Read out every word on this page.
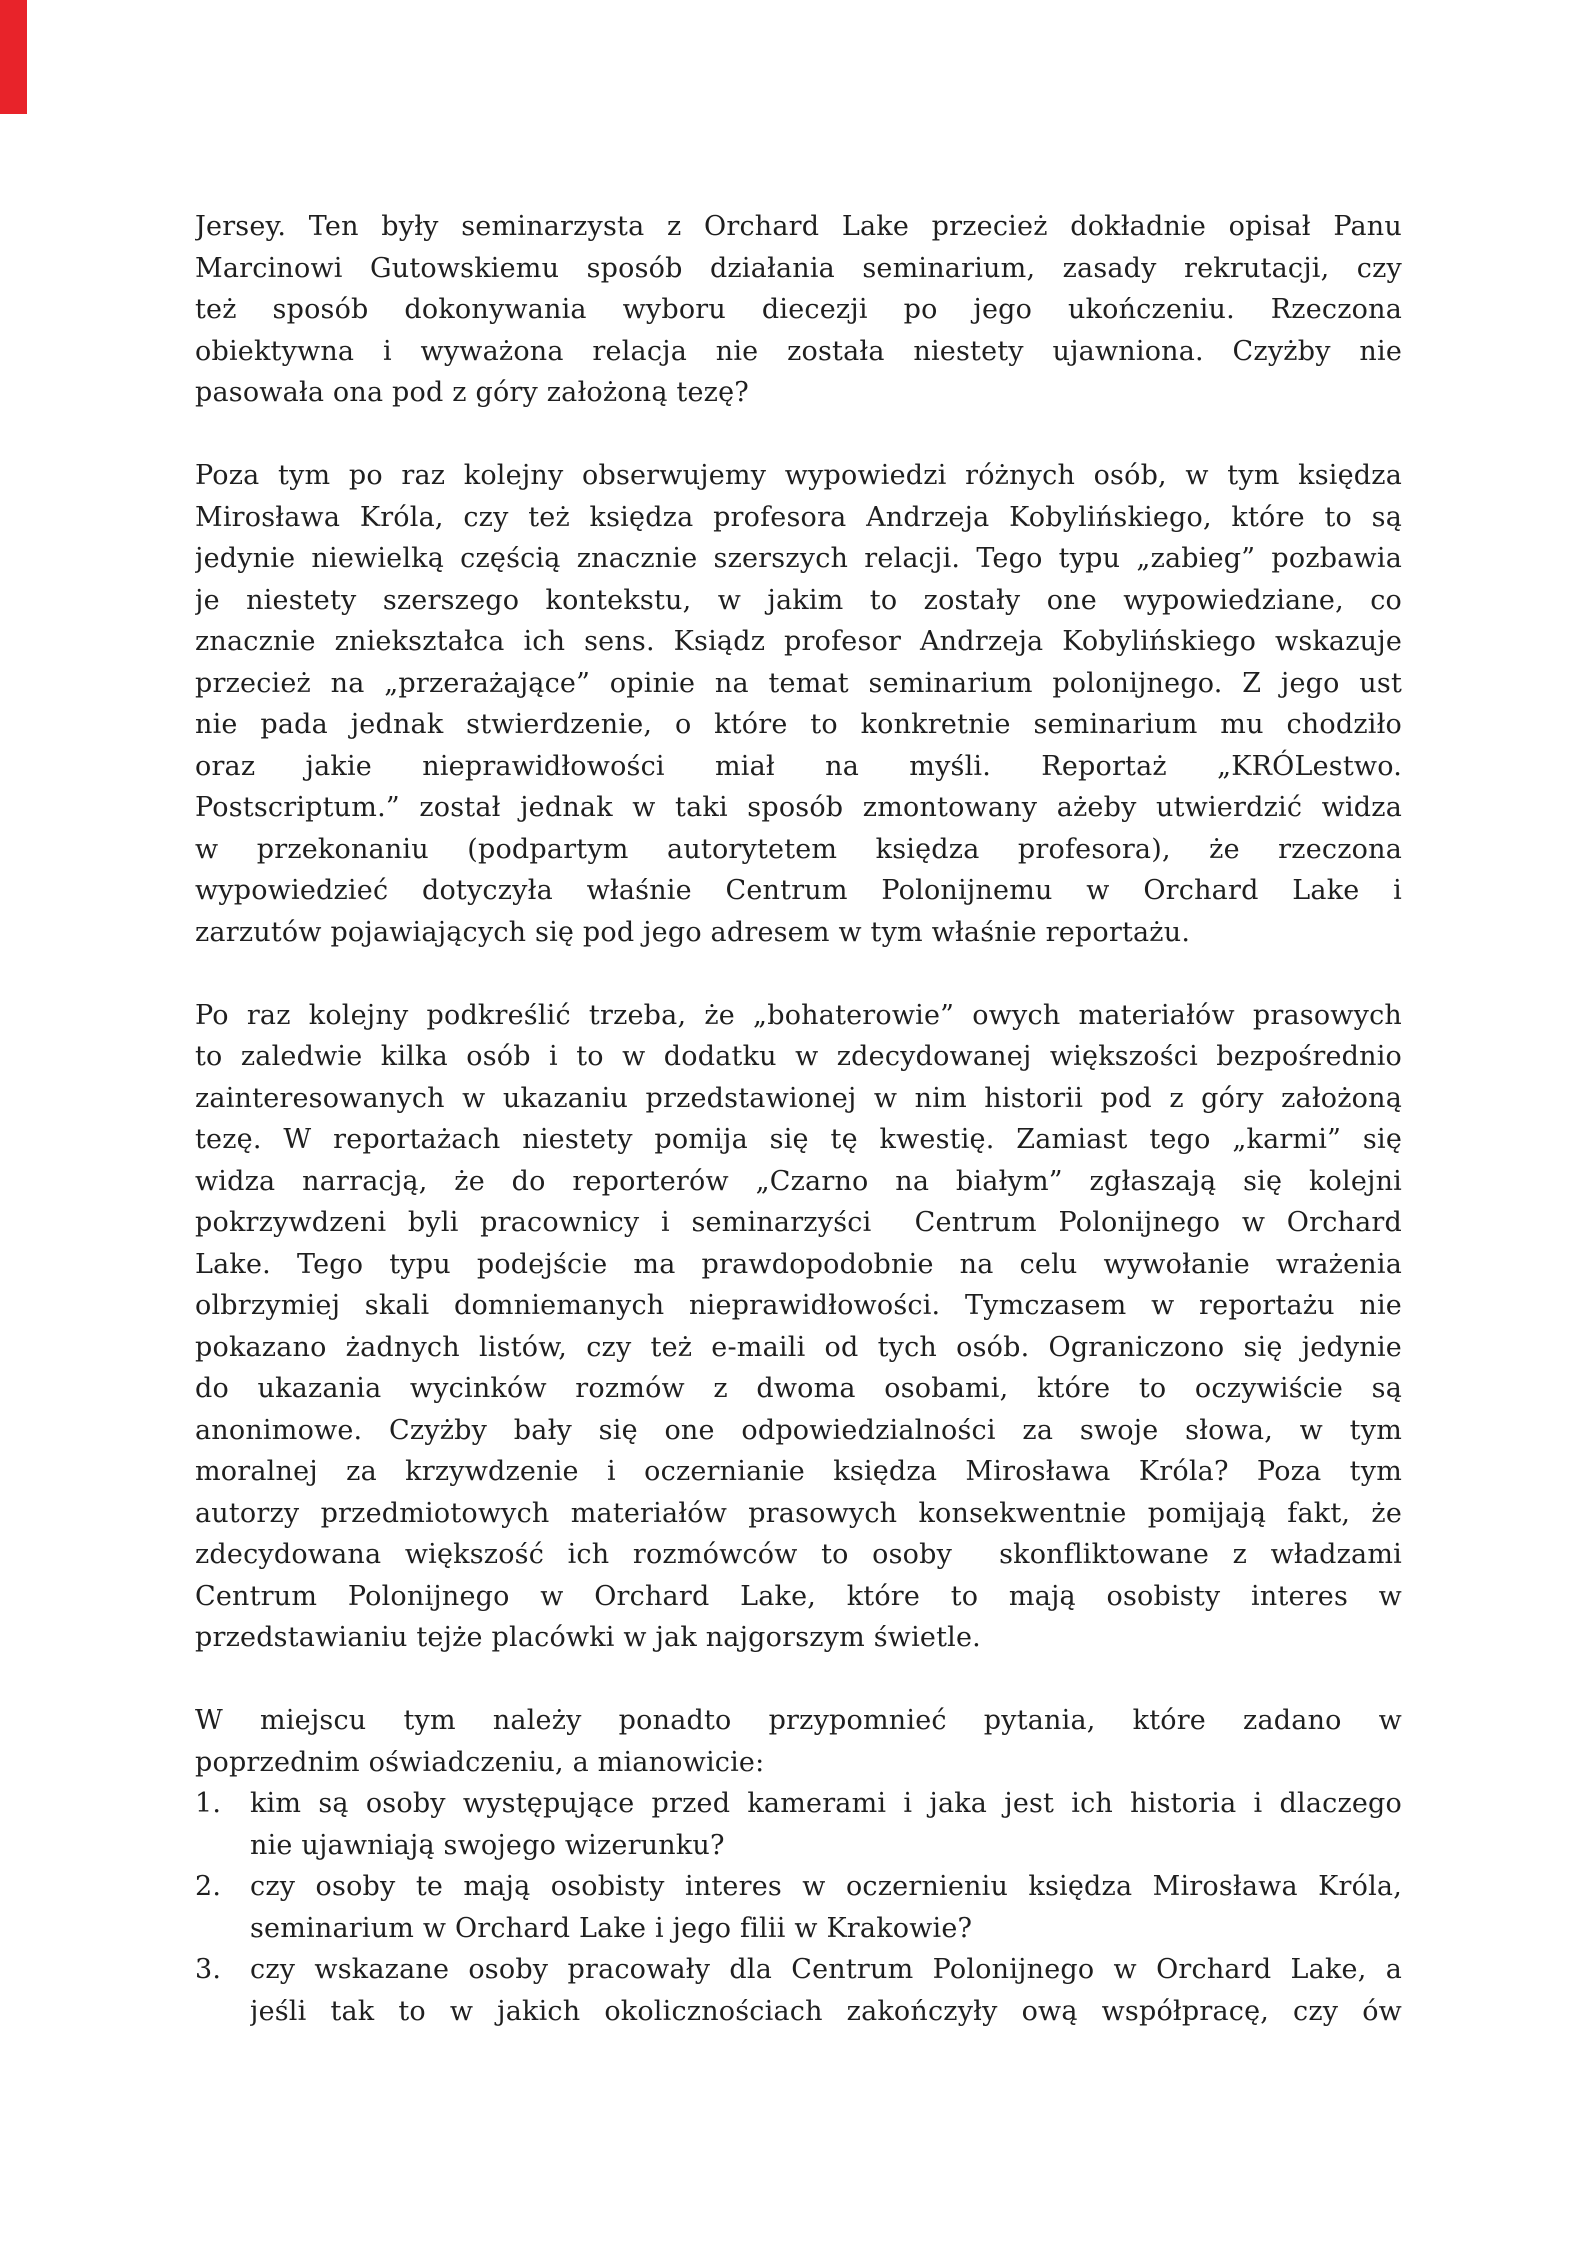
Jersey. Ten były seminarzysta z Orchard Lake przecież dokładnie opisał Panu
Marcinowi Gutowskiemu sposób działania seminarium, zasady rekrutacji, czy
też sposób dokonywania wyboru diecezji po jego ukończeniu. Rzeczona
obiektywna i wyważona relacja nie została niestety ujawniona. Czyżby nie
pasowała ona pod z góry założoną tezę?
Poza tym po raz kolejny obserwujemy wypowiedzi różnych osób, w tym księdza
Mirosława Króla, czy też księdza profesora Andrzeja Kobylińskiego, które to są
jedynie niewielką częścią znacznie szerszych relacji. Tego typu „zabieg” pozbawia
je niestety szerszego kontekstu, w jakim to zostały one wypowiedziane, co
znacznie zniekształca ich sens. Ksiądz profesor Andrzeja Kobylińskiego wskazuje
przecież na „przerażające” opinie na temat seminarium polonijnego. Z jego ust
nie pada jednak stwierdzenie, o które to konkretnie seminarium mu chodziło
oraz jakie nieprawidłowości miał na myśli. Reportaż „KRÓLestwo.
Postscriptum.” został jednak w taki sposób zmontowany ażeby utwierdzić widza
w przekonaniu (podpartym autorytetem księdza profesora), że rzeczona
wypowiedzieć dotyczyła właśnie Centrum Polonijnemu w Orchard Lake i
zarzutów pojawiających się pod jego adresem w tym właśnie reportażu.
Po raz kolejny podkreślić trzeba, że „bohaterowie” owych materiałów prasowych
to zaledwie kilka osób i to w dodatku w zdecydowanej większości bezpośrednio
zainteresowanych w ukazaniu przedstawionej w nim historii pod z góry założoną
tezę. W reportażach niestety pomija się tę kwestię. Zamiast tego „karmi” się
widza narracją, że do reporterów „Czarno na białym” zgłaszają się kolejni
pokrzywdzeni byli pracownicy i seminarzyści  Centrum Polonijnego w Orchard
Lake. Tego typu podejście ma prawdopodobnie na celu wywołanie wrażenia
olbrzymiej skali domniemanych nieprawidłowości. Tymczasem w reportażu nie
pokazano żadnych listów, czy też e-maili od tych osób. Ograniczono się jedynie
do ukazania wycinków rozmów z dwoma osobami, które to oczywiście są
anonimowe. Czyżby bały się one odpowiedzialności za swoje słowa, w tym
moralnej za krzywdzenie i oczernianie księdza Mirosława Króla? Poza tym
autorzy przedmiotowych materiałów prasowych konsekwentnie pomijają fakt, że
zdecydowana większość ich rozmówców to osoby  skonfliktowane z władzami
Centrum Polonijnego w Orchard Lake, które to mają osobisty interes w
przedstawianiu tejże placówki w jak najgorszym świetle.
W miejscu tym należy ponadto przypomnieć pytania, które zadano w
poprzednim oświadczeniu, a mianowicie:
1. kim są osoby występujące przed kamerami i jaka jest ich historia i dlaczego
nie ujawniają swojego wizerunku?
2. czy osoby te mają osobisty interes w oczernieniu księdza Mirosława Króla,
seminarium w Orchard Lake i jego filii w Krakowie?
3. czy wskazane osoby pracowały dla Centrum Polonijnego w Orchard Lake, a
jeśli tak to w jakich okolicznościach zakończyły ową współpracę, czy ów
